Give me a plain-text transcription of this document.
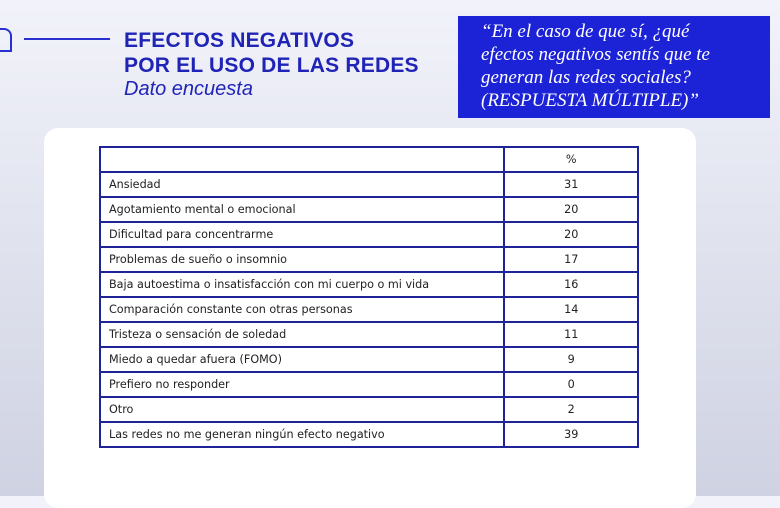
EFECTOS NEGATIVOS
POR EL USO DE LAS REDES

Dato encuesta

“En el caso de que sí, ¿qué
efectos negativos sentís que te
generan las redes sociales?
(RESPUESTA MÚLTIPLE)”
	%
Ansiedad	31
Agotamiento mental o emocional	20
Dificultad para concentrarme	20
Problemas de sueño o insomnio	17
Baja autoestima o insatisfacción con mi cuerpo o mi vida	16
Comparación constante con otras personas	14
Tristeza o sensación de soledad	11
Miedo a quedar afuera (FOMO)	9
Prefiero no responder	0
Otro	2
Las redes no me generan ningún efecto negativo	39
